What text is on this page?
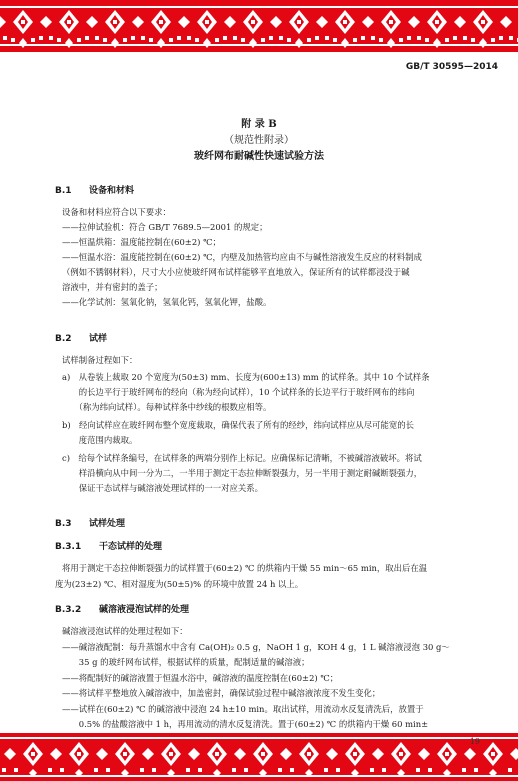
GB/T 30595—2014
附 录 B
（规范性附录）
玻纤网布耐碱性快速试验方法
B.1 设备和材料
设备和材料应符合以下要求：
——拉伸试验机：符合 GB/T 7689.5—2001 的规定；
——恒温烘箱：温度能控制在(60±2) ℃；
——恒温水浴：温度能控制在(60±2) ℃，内壁及加热管均应由不与碱性溶液发生反应的材料制成
（例如不锈钢材料），尺寸大小应使玻纤网布试样能够平直地放入，保证所有的试样都浸没于碱
溶液中，并有密封的盖子；
——化学试剂：氢氧化钠，氢氧化钙，氢氧化钾，盐酸。
B.2 试样
试样制备过程如下：
a)　从卷装上裁取 20 个宽度为(50±3) mm、长度为(600±13) mm 的试样条。其中 10 个试样条
　　的长边平行于玻纤网布的经向（称为经向试样），10 个试样条的长边平行于玻纤网布的纬向
　　（称为纬向试样）。每种试样条中纱线的根数应相等。
b)　经向试样应在玻纤网布整个宽度裁取，确保代表了所有的经纱，纬向试样应从尽可能宽的长
　　度范围内裁取。
c)　给每个试样条编号，在试样条的两端分别作上标记。应确保标记清晰，不被碱溶液破坏。将试
　　样沿横向从中间一分为二，一半用于测定干态拉伸断裂强力，另一半用于测定耐碱断裂强力，
　　保证干态试样与碱溶液处理试样的一一对应关系。
B.3 试样处理
B.3.1 干态试样的处理
将用于测定干态拉伸断裂强力的试样置于(60±2) ℃ 的烘箱内干燥 55 min～65 min，取出后在温
度为(23±2) ℃、相对湿度为(50±5)% 的环境中放置 24 h 以上。
B.3.2 碱溶液浸泡试样的处理
碱溶液浸泡试样的处理过程如下：
——碱溶液配制：每升蒸馏水中含有 Ca(OH)₂ 0.5 g，NaOH 1 g，KOH 4 g，1 L 碱溶液浸泡 30 g～
　　35 g 的玻纤网布试样，根据试样的质量，配制适量的碱溶液；
——将配制好的碱溶液置于恒温水浴中，碱溶液的温度控制在(60±2) ℃；
——将试样平整地放入碱溶液中，加盖密封，确保试验过程中碱溶液浓度不发生变化；
——试样在(60±2) ℃ 的碱溶液中浸泡 24 h±10 min。取出试样，用流动水反复清洗后，放置于
　　0.5% 的盐酸溶液中 1 h，再用流动的清水反复清洗。置于(60±2) ℃ 的烘箱内干燥 60 min±
19
